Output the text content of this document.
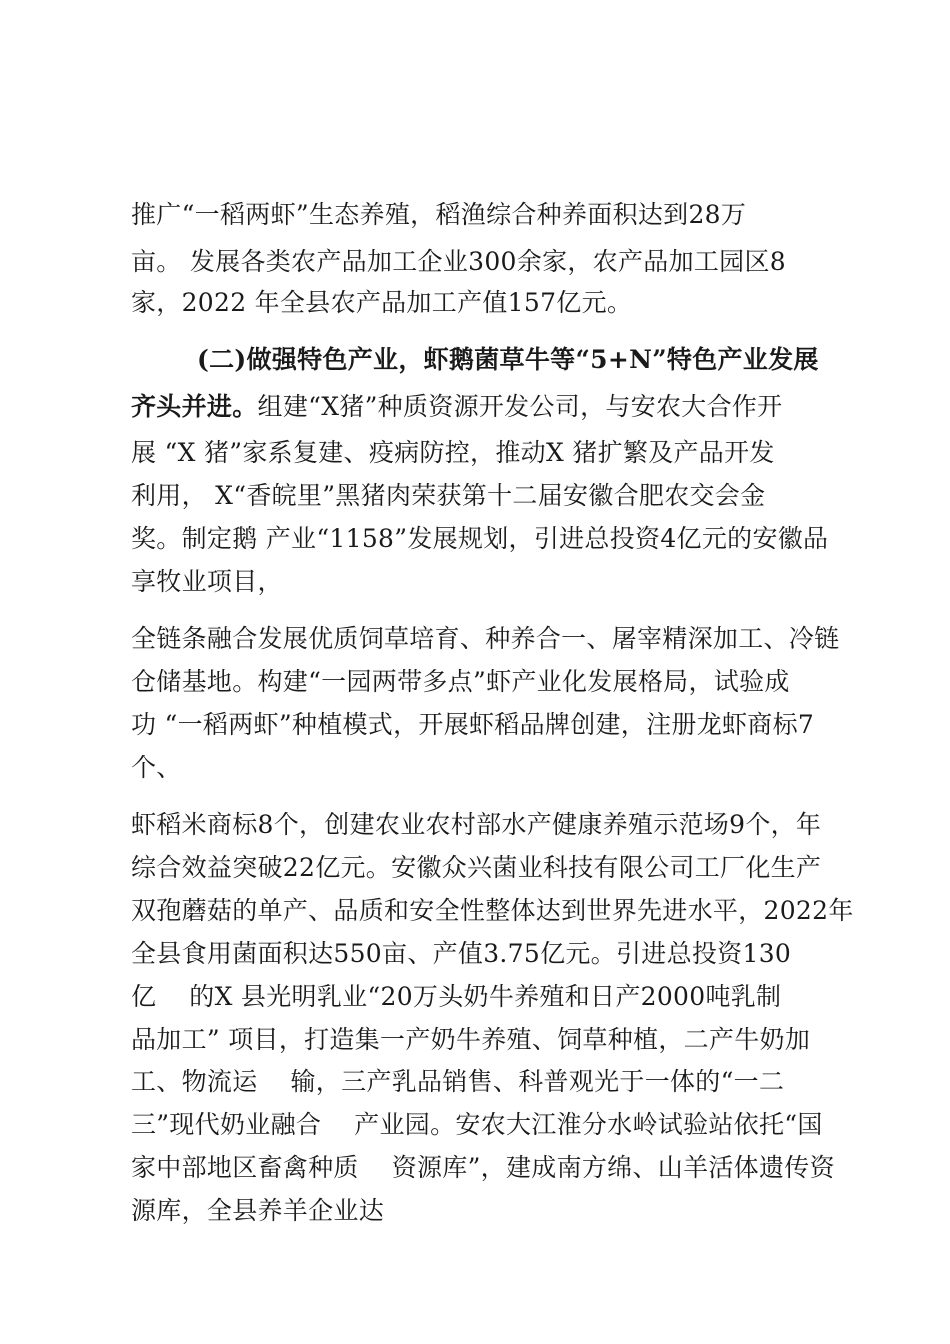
推广“一稻两虾”生态养殖，稻渔综合种养面积达到28万
亩。 发展各类农产品加工企业300余家，农产品加工园区8
家，2022 年全县农产品加工产值157亿元。
(二)做强特色产业，虾鹅菌草牛等“5+N”特色产业发展
齐头并进。组建“X猪”种质资源开发公司，与安农大合作开
展 “X 猪”家系复建、疫病防控，推动X 猪扩繁及产品开发
利用， X“香皖里”黑猪肉荣获第十二届安徽合肥农交会金
奖。制定鹅 产业“1158”发展规划，引进总投资4亿元的安徽品
享牧业项目，
全链条融合发展优质饲草培育、种养合一、屠宰精深加工、冷链
仓储基地。构建“一园两带多点”虾产业化发展格局，试验成
功 “一稻两虾”种植模式，开展虾稻品牌创建，注册龙虾商标7
个、
虾稻米商标8个，创建农业农村部水产健康养殖示范场9个，年
综合效益突破22亿元。安徽众兴菌业科技有限公司工厂化生产
双孢蘑菇的单产、品质和安全性整体达到世界先进水平，2022年
全县食用菌面积达550亩、产值3.75亿元。引进总投资130
亿    的X 县光明乳业“20万头奶牛养殖和日产2000吨乳制
品加工” 项目，打造集一产奶牛养殖、饲草种植，二产牛奶加
工、物流运    输，三产乳品销售、科普观光于一体的“一二
三”现代奶业融合    产业园。安农大江淮分水岭试验站依托“国
家中部地区畜禽种质    资源库”，建成南方绵、山羊活体遗传资
源库，全县养羊企业达
